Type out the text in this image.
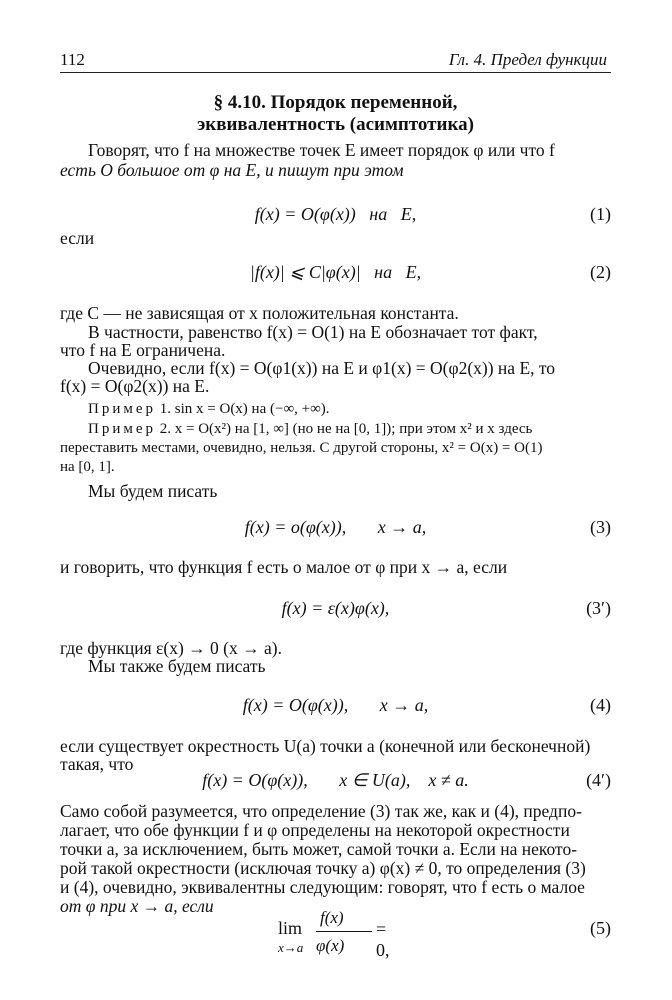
112	Гл. 4. Предел функции
§ 4.10. Порядок переменной,
эквивалентность (асимптотика)
Говорят, что f на множестве точек E имеет порядок φ или что f
есть O большое от φ на E, и пишут при этом
f(x) = O(φ(x))   на   E,	(1)
если
|f(x)| ⩽ C|φ(x)|   на   E,	(2)
где C — не зависящая от x положительная константа.
В частности, равенство f(x) = O(1) на E обозначает тот факт,
что f на E ограничена.
Очевидно, если f(x) = O(φ1(x)) на E и φ1(x) = O(φ2(x)) на E, то
f(x) = O(φ2(x)) на E.
Пример 1. sin x = O(x) на (−∞, +∞).
Пример 2. x = O(x²) на [1, ∞] (но не на [0, 1]); при этом x² и x здесь
переставить местами, очевидно, нельзя. С другой стороны, x² = O(x) = O(1)
на [0, 1].
Мы будем писать
f(x) = o(φ(x)),       x → a,	(3)
и говорить, что функция f есть o малое от φ при x → a, если
f(x) = ε(x)φ(x),	(3′)
где функция ε(x) → 0 (x → a).
Мы также будем писать
f(x) = O(φ(x)),       x → a,	(4)
если существует окрестность U(a) точки a (конечной или бесконечной)
такая, что
f(x) = O(φ(x)),       x ∈ U(a),    x ≠ a.	(4′)
Само собой разумеется, что определение (3) так же, как и (4), предпо-
лагает, что обе функции f и φ определены на некоторой окрестности
точки a, за исключением, быть может, самой точки a. Если на некото-
рой такой окрестности (исключая точку a) φ(x) ≠ 0, то определения (3)
и (4), очевидно, эквивалентны следующим: говорят, что f есть o малое
от φ при x → a, если
lim
x→a
f(x)
φ(x)
= 0,
(5)
